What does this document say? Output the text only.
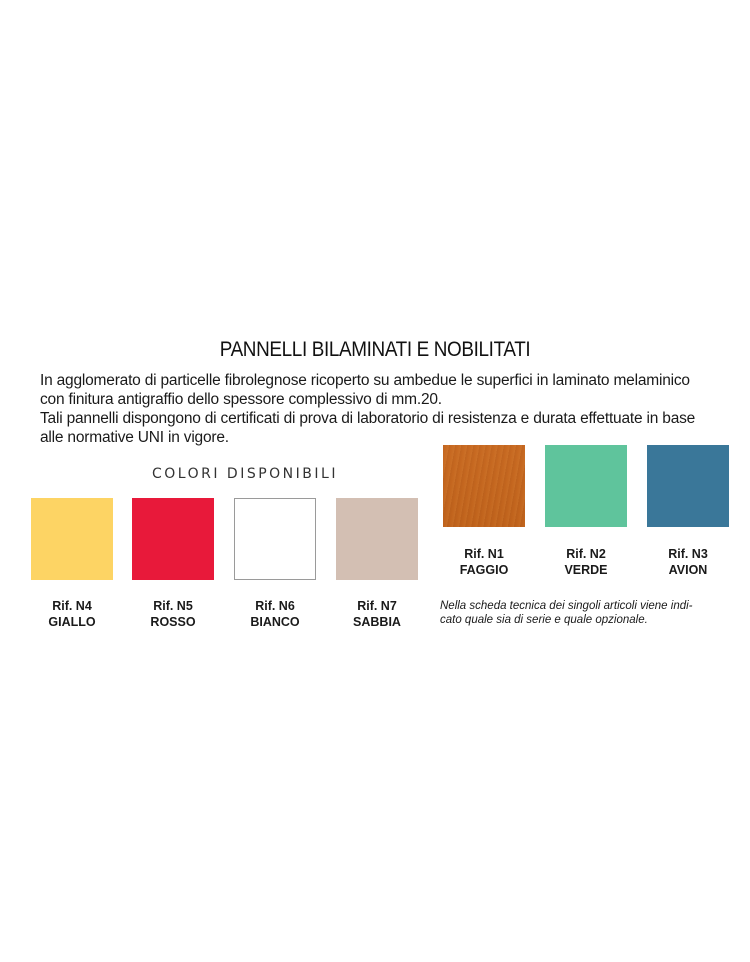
PANNELLI BILAMINATI E NOBILITATI
In agglomerato di particelle fibrolegnose ricoperto su ambedue le superfici in laminato melaminico
con finitura antigraffio dello spessore complessivo di mm.20.
Tali pannelli dispongono di certificati di prova di laboratorio di resistenza e durata effettuate in base
alle normative UNI in vigore.
COLORI DISPONIBILI
Rif. N4
GIALLO
Rif. N5
ROSSO
Rif. N6
BIANCO
Rif. N7
SABBIA
Rif. N1
FAGGIO
Rif. N2
VERDE
Rif. N3
AVION
Nella scheda tecnica dei singoli articoli viene indi-
cato quale sia di serie e quale opzionale.
